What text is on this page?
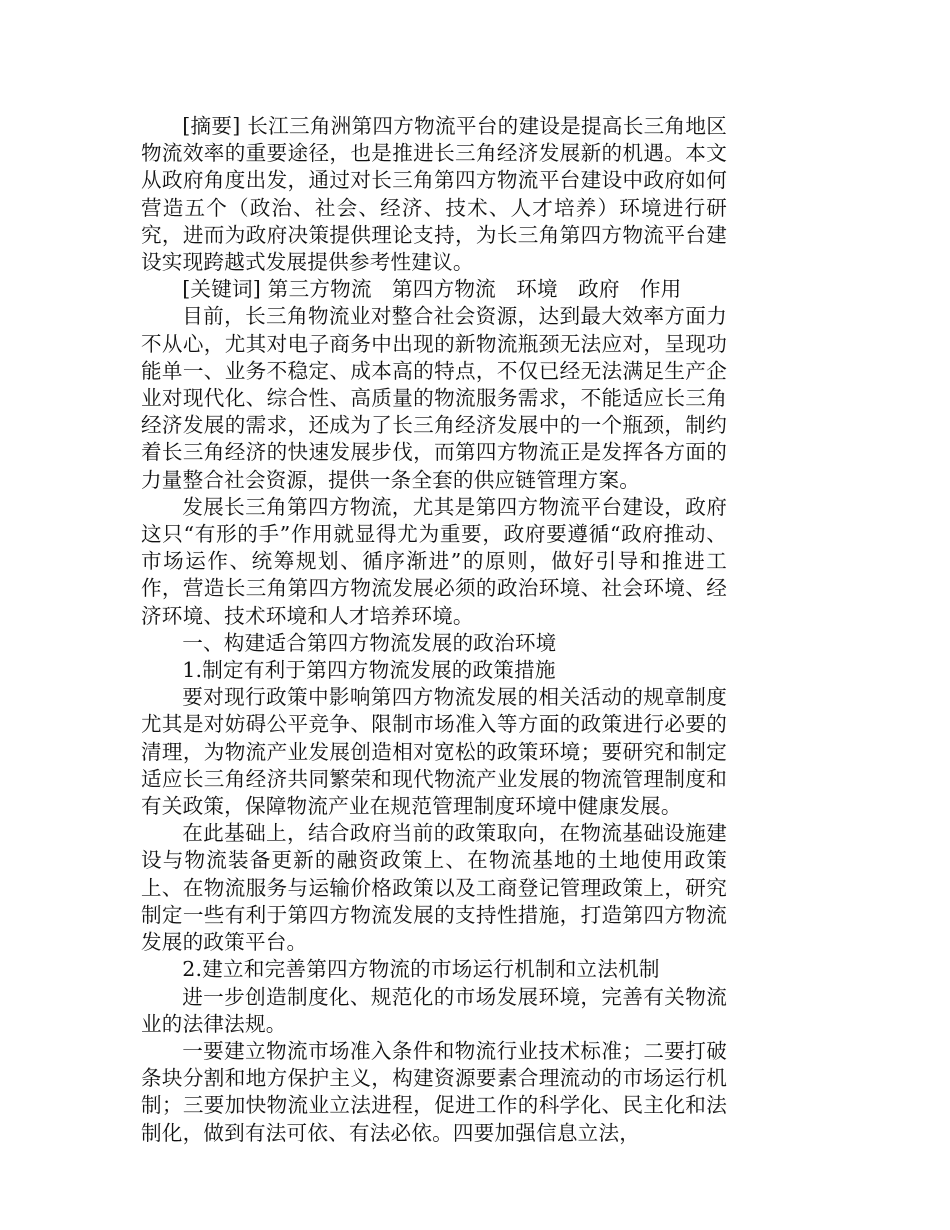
[摘要] 长江三角洲第四方物流平台的建设是提高长三角地区物流效率的重要途径，也是推进长三角经济发展新的机遇。本文从政府角度出发，通过对长三角第四方物流平台建设中政府如何营造五个（政治、社会、经济、技术、人才培养）环境进行研究，进而为政府决策提供理论支持，为长三角第四方物流平台建设实现跨越式发展提供参考性建议。

[关键词] 第三方物流   第四方物流   环境   政府   作用

目前，长三角物流业对整合社会资源，达到最大效率方面力不从心，尤其对电子商务中出现的新物流瓶颈无法应对，呈现功能单一、业务不稳定、成本高的特点，不仅已经无法满足生产企业对现代化、综合性、高质量的物流服务需求，不能适应长三角经济发展的需求，还成为了长三角经济发展中的一个瓶颈，制约着长三角经济的快速发展步伐，而第四方物流正是发挥各方面的力量整合社会资源，提供一条全套的供应链管理方案。

发展长三角第四方物流，尤其是第四方物流平台建设，政府这只“有形的手”作用就显得尤为重要，政府要遵循“政府推动、市场运作、统筹规划、循序渐进”的原则，做好引导和推进工作，营造长三角第四方物流发展必须的政治环境、社会环境、经济环境、技术环境和人才培养环境。

一、构建适合第四方物流发展的政治环境

1.制定有利于第四方物流发展的政策措施

要对现行政策中影响第四方物流发展的相关活动的规章制度尤其是对妨碍公平竞争、限制市场准入等方面的政策进行必要的清理，为物流产业发展创造相对宽松的政策环境；要研究和制定适应长三角经济共同繁荣和现代物流产业发展的物流管理制度和有关政策，保障物流产业在规范管理制度环境中健康发展。

在此基础上，结合政府当前的政策取向，在物流基础设施建设与物流装备更新的融资政策上、在物流基地的土地使用政策上、在物流服务与运输价格政策以及工商登记管理政策上，研究制定一些有利于第四方物流发展的支持性措施，打造第四方物流发展的政策平台。

2.建立和完善第四方物流的市场运行机制和立法机制

进一步创造制度化、规范化的市场发展环境，完善有关物流业的法律法规。

一要建立物流市场准入条件和物流行业技术标准；二要打破条块分割和地方保护主义，构建资源要素合理流动的市场运行机制；三要加快物流业立法进程，促进工作的科学化、民主化和法制化，做到有法可依、有法必依。四要加强信息立法，
